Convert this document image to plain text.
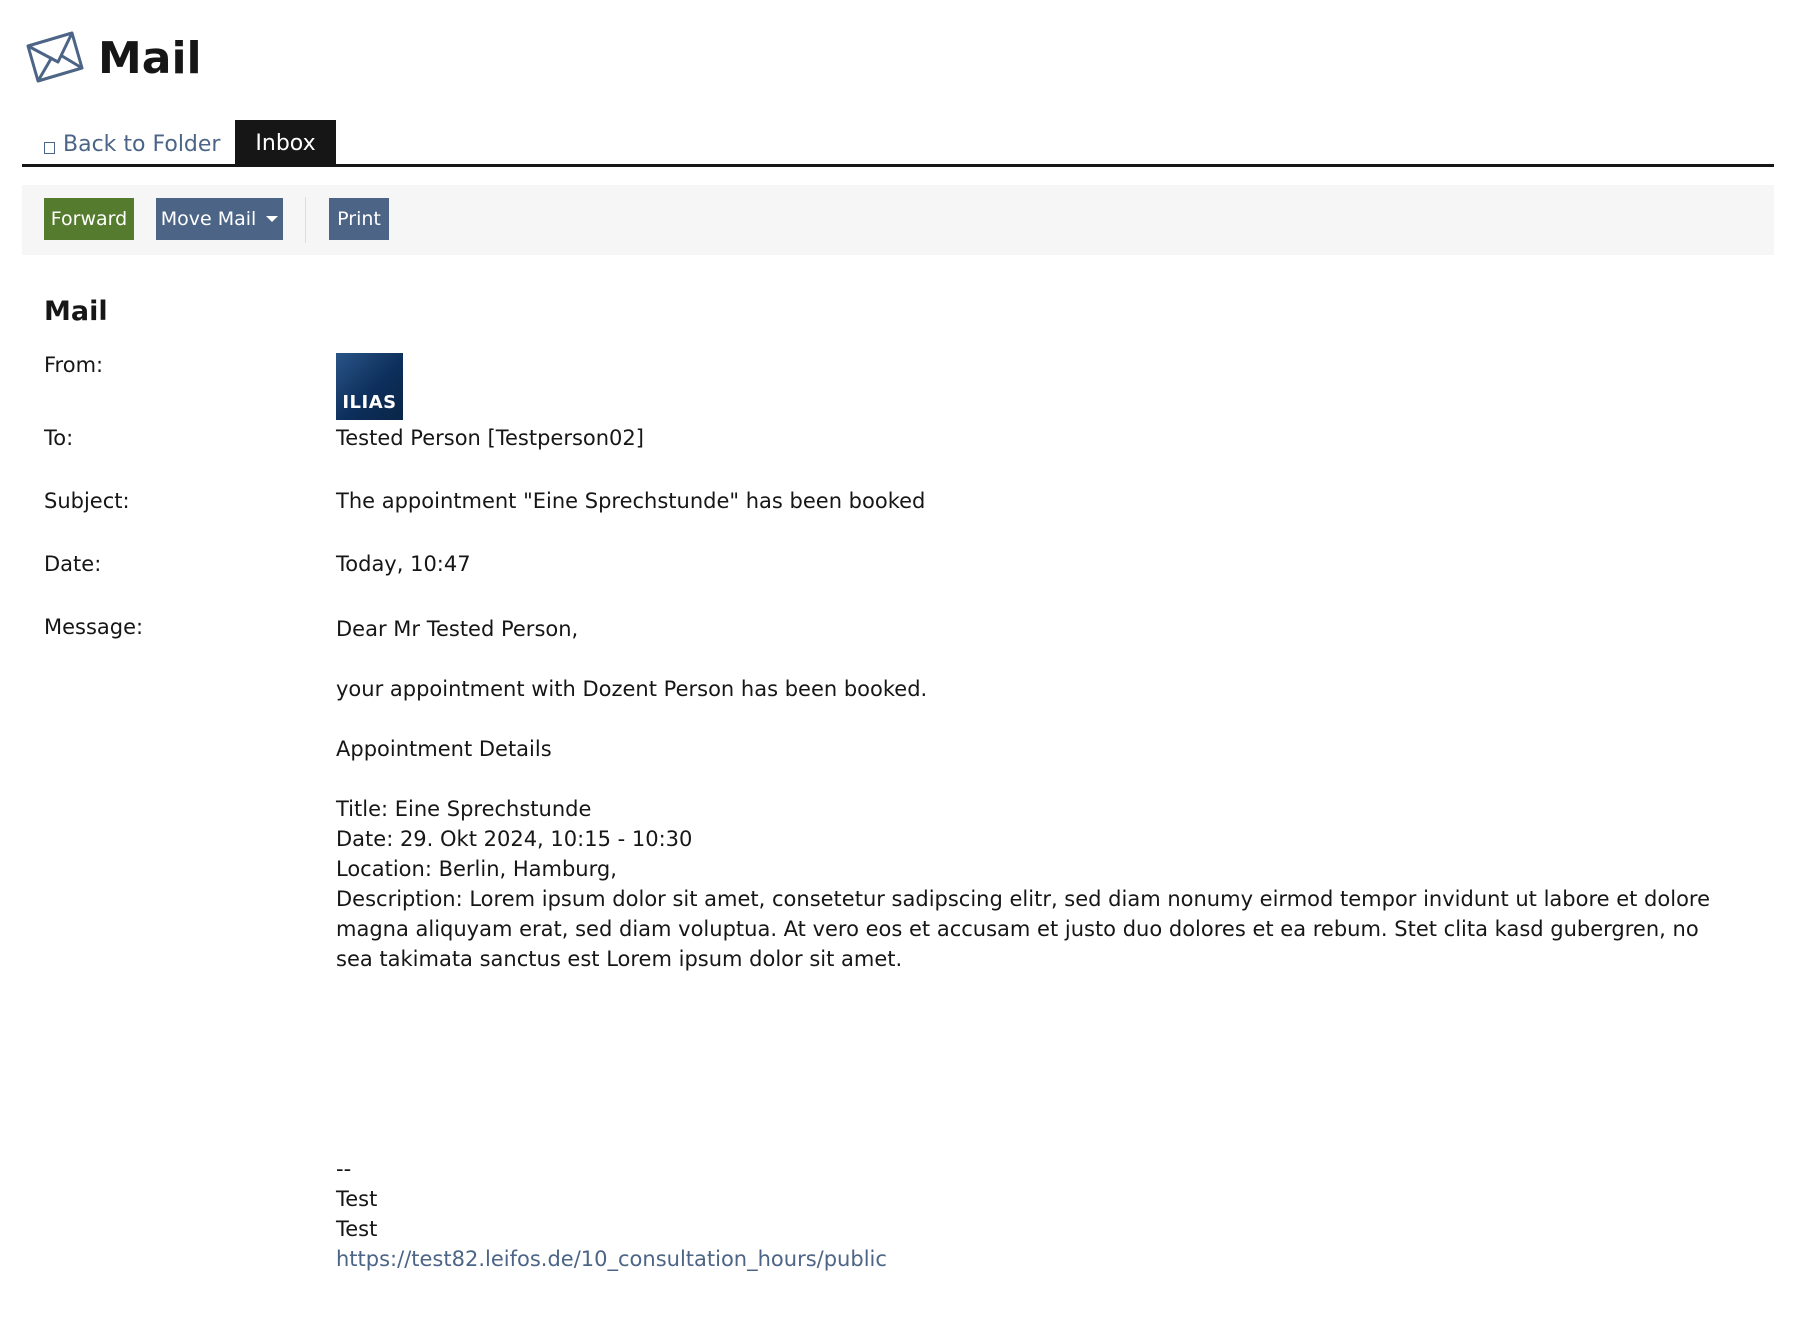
Mail
Back to Folder Inbox
Forward	Move Mail	Print
Mail
From:
ILIAS
To:	Tested Person [Testperson02]
Subject:	The appointment "Eine Sprechstunde" has been booked
Date:	Today, 10:47
Message:	Dear Mr Tested Person,

your appointment with Dozent Person has been booked.

Appointment Details

Title: Eine Sprechstunde

Date: 29. Okt 2024, 10:15 - 10:30

Location: Berlin, Hamburg,

Description: Lorem ipsum dolor sit amet, consetetur sadipscing elitr, sed diam nonumy eirmod tempor invidunt ut labore et dolore magna aliquyam erat, sed diam voluptua. At vero eos et accusam et justo duo dolores et ea rebum. Stet clita kasd gubergren, no sea takimata sanctus est Lorem ipsum dolor sit amet.

--

Test

Test

https://test82.leifos.de/10_consultation_hours/public
